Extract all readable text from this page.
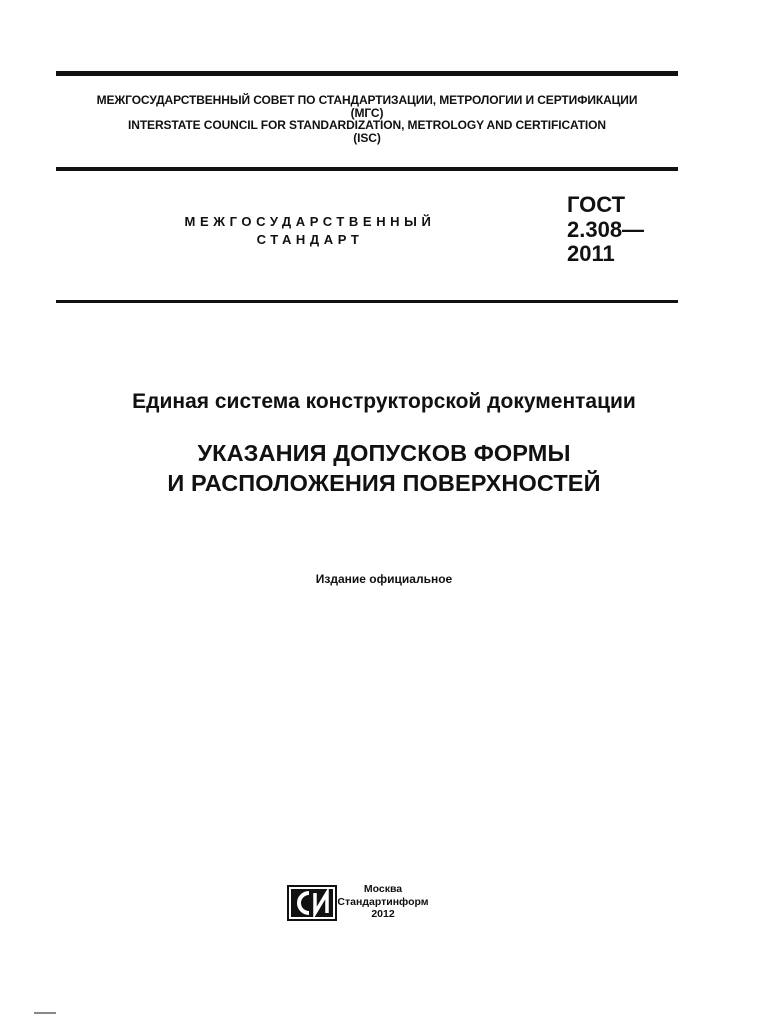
МЕЖГОСУДАРСТВЕННЫЙ СОВЕТ ПО СТАНДАРТИЗАЦИИ, МЕТРОЛОГИИ И СЕРТИФИКАЦИИ
(МГС)
INTERSTATE COUNCIL FOR STANDARDIZATION, METROLOGY AND CERTIFICATION
(ISC)
МЕЖГОСУДАРСТВЕННЫЙ
СТАНДАРТ
ГОСТ
2.308—
2011
Единая система конструкторской документации
УКАЗАНИЯ ДОПУСКОВ ФОРМЫ
И РАСПОЛОЖЕНИЯ ПОВЕРХНОСТЕЙ
Издание официальное
Москва
Стандартинформ
2012
